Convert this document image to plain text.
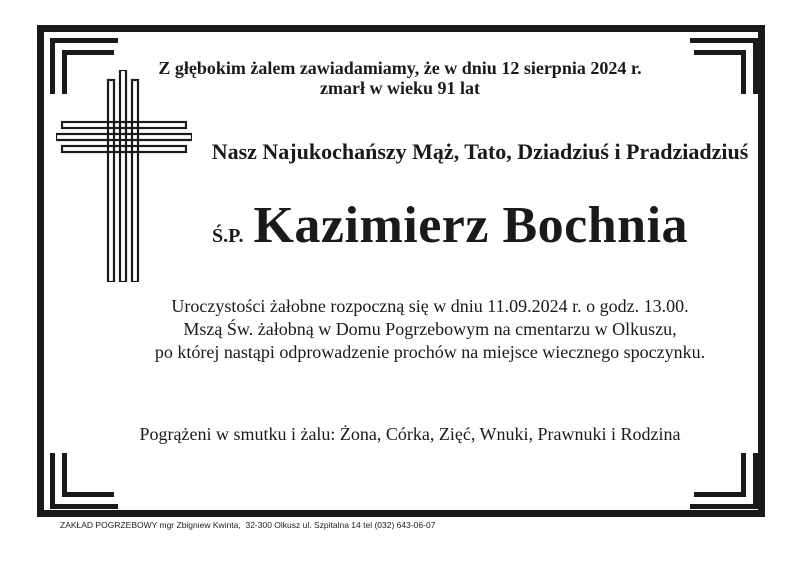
Z głębokim żalem zawiadamiamy, że w dniu 12 sierpnia 2024 r.
zmarł w wieku 91 lat
Nasz Najukochańszy Mąż, Tato, Dziadziuś i Pradziadziuś
Ś.P. Kazimierz Bochnia
Uroczystości żałobne rozpoczną się w dniu 11.09.2024 r. o godz. 13.00.
Mszą Św. żałobną w Domu Pogrzebowym na cmentarzu w Olkuszu,
po której nastąpi odprowadzenie prochów na miejsce wiecznego spoczynku.
Pogrążeni w smutku i żalu: Żona, Córka, Zięć, Wnuki, Prawnuki i Rodzina
ZAKŁAD POGRZEBOWY mgr Zbigniew Kwinta,  32-300 Olkusz ul. Szpitalna 14 tel (032) 643-06-07
